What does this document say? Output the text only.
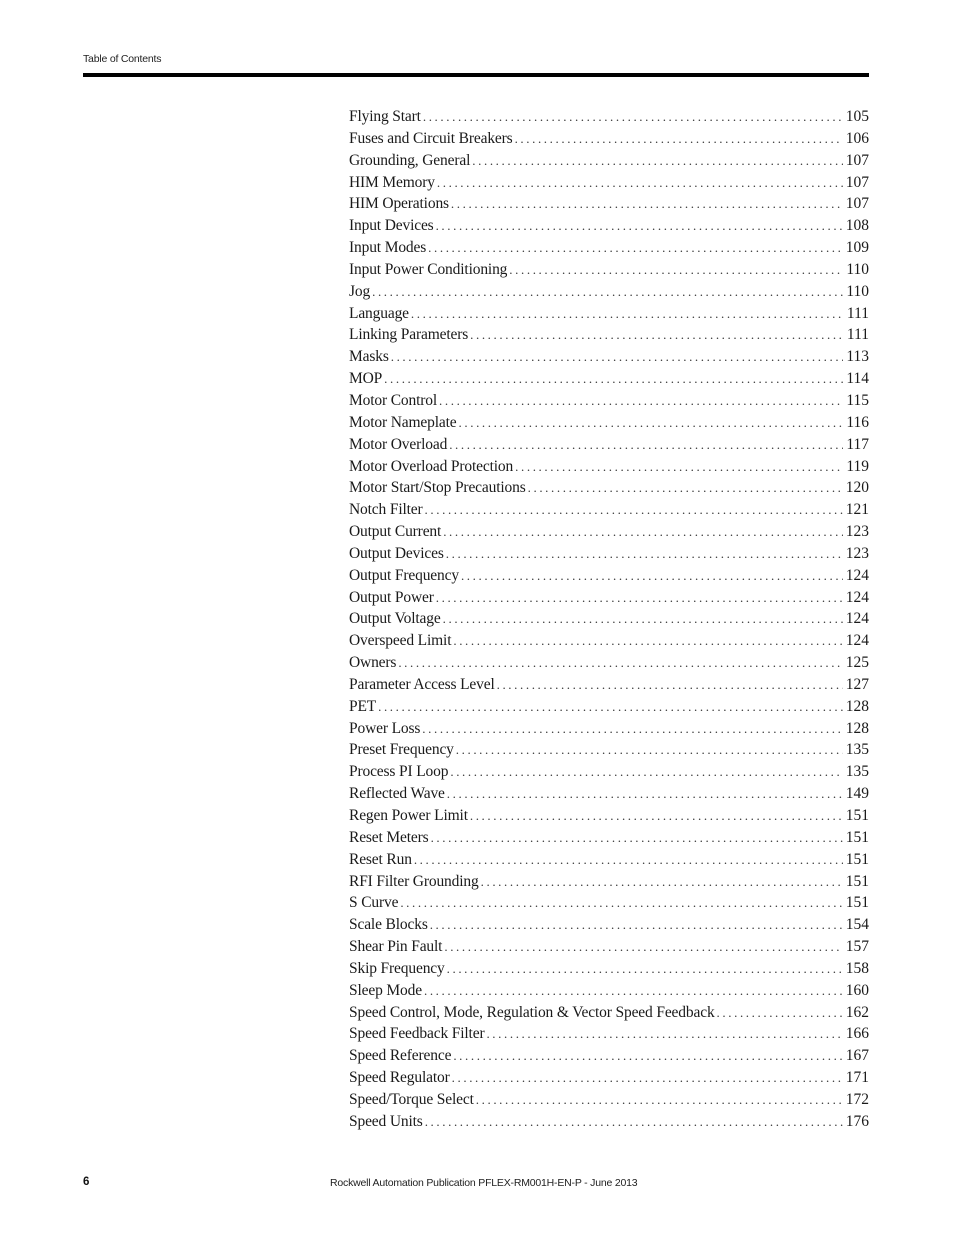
Table of Contents
Flying Start .....	105
Fuses and Circuit Breakers .....	106
Grounding, General .....	107
HIM Memory .....	107
HIM Operations .....	107
Input Devices .....	108
Input Modes .....	109
Input Power Conditioning .....	110
Jog .....	110
Language .....	111
Linking Parameters .....	111
Masks .....	113
MOP .....	114
Motor Control .....	115
Motor Nameplate .....	116
Motor Overload .....	117
Motor Overload Protection .....	119
Motor Start/Stop Precautions .....	120
Notch Filter .....	121
Output Current .....	123
Output Devices .....	123
Output Frequency .....	124
Output Power .....	124
Output Voltage .....	124
Overspeed Limit .....	124
Owners .....	125
Parameter Access Level .....	127
PET .....	128
Power Loss .....	128
Preset Frequency .....	135
Process PI Loop .....	135
Reflected Wave .....	149
Regen Power Limit .....	151
Reset Meters .....	151
Reset Run .....	151
RFI Filter Grounding .....	151
S Curve .....	151
Scale Blocks .....	154
Shear Pin Fault .....	157
Skip Frequency .....	158
Sleep Mode .....	160
Speed Control, Mode, Regulation & Vector Speed Feedback .....	162
Speed Feedback Filter .....	166
Speed Reference .....	167
Speed Regulator .....	171
Speed/Torque Select .....	172
Speed Units .....	176
6	Rockwell Automation Publication PFLEX-RM001H-EN-P - June 2013
